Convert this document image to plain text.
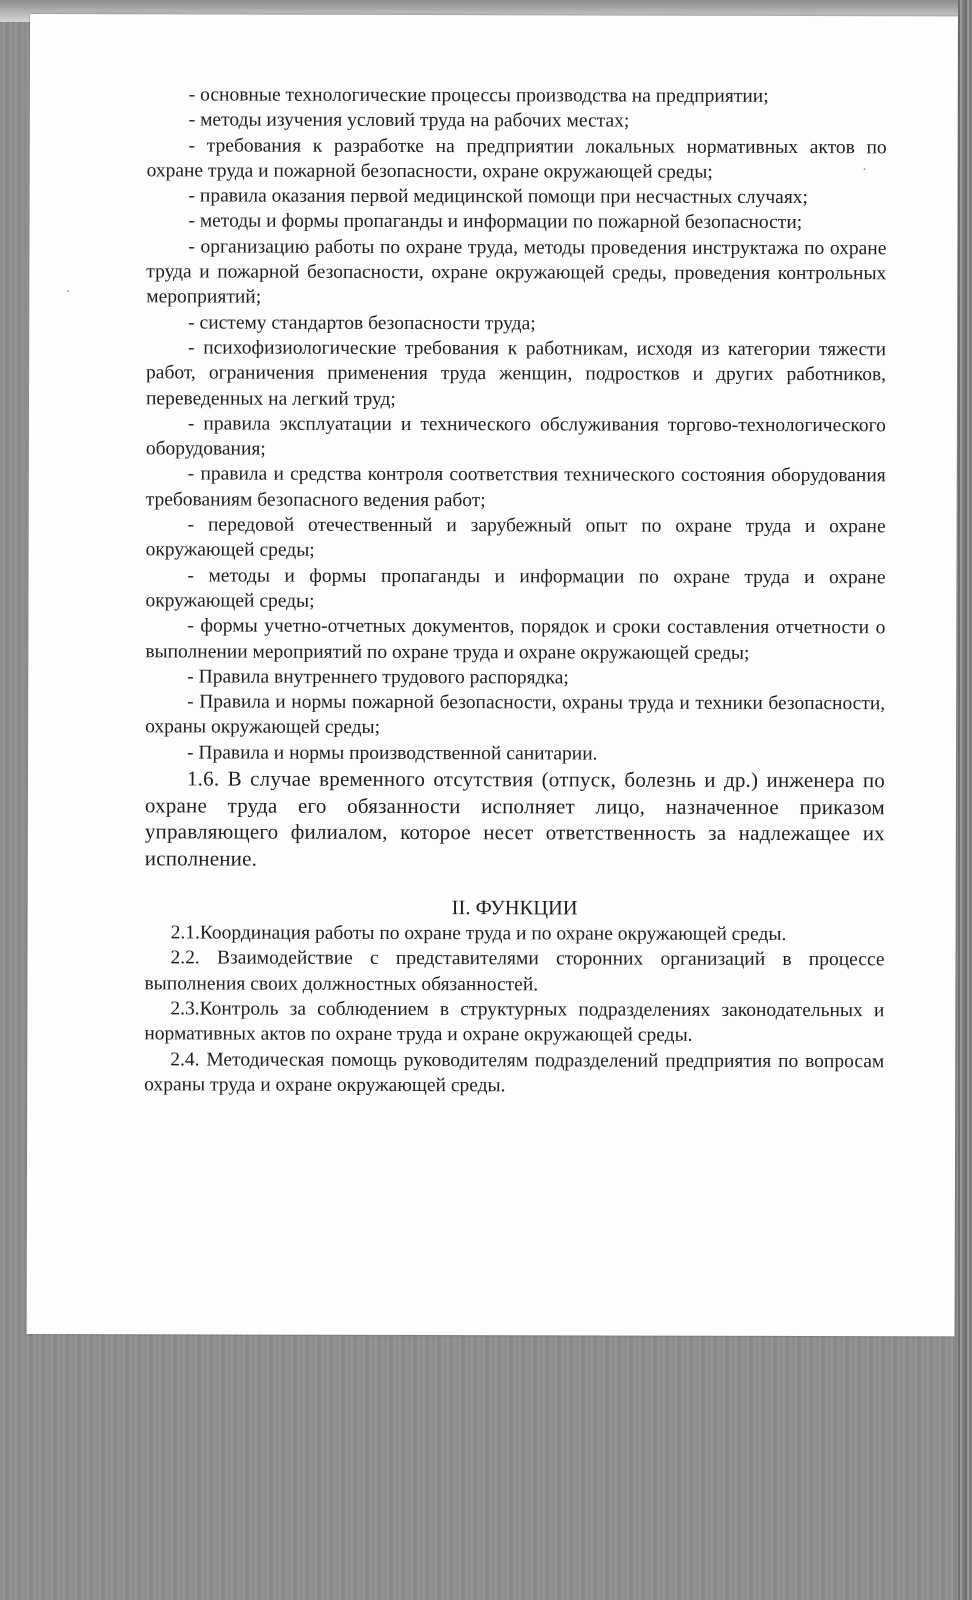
- основные технологические процессы производства на предприятии;

- методы изучения условий труда на рабочих местах;

- требования к разработке на предприятии локальных нормативных актов по охране труда и пожарной безопасности, охране окружающей среды;

- правила оказания первой медицинской помощи при несчастных случаях;

- методы и формы пропаганды и информации по пожарной безопасности;

- организацию работы по охране труда, методы проведения инструктажа по охране труда и пожарной безопасности, охране окружающей среды, проведения контрольных мероприятий;

- систему стандартов безопасности труда;

- психофизиологические требования к работникам, исходя из категории тяжести работ, ограничения применения труда женщин, подростков и других работников, переведенных на легкий труд;

- правила эксплуатации и технического обслуживания торгово-технологического оборудования;

- правила и средства контроля соответствия технического состояния оборудования требованиям безопасного ведения работ;

- передовой отечественный и зарубежный опыт по охране труда и охране окружающей среды;

- методы и формы пропаганды и информации по охране труда и охране окружающей среды;

- формы учетно-отчетных документов, порядок и сроки составления отчетности о выполнении мероприятий по охране труда и охране окружающей среды;

- Правила внутреннего трудового распорядка;

- Правила и нормы пожарной безопасности, охраны труда и техники безопасности, охраны окружающей среды;

- Правила и нормы производственной санитарии.

1.6. В случае временного отсутствия (отпуск, болезнь и др.) инженера по охране труда его обязанности исполняет лицо, назначенное приказом управляющего филиалом, которое несет ответственность за надлежащее их исполнение.

II. ФУНКЦИИ

2.1.Координация работы по охране труда и по охране окружающей среды.

2.2. Взаимодействие с представителями сторонних организаций в процессе выполнения своих должностных обязанностей.

2.3.Контроль за соблюдением в структурных подразделениях законодательных и нормативных актов по охране труда и охране окружающей среды.

2.4. Методическая помощь руководителям подразделений предприятия по вопросам охраны труда и охране окружающей среды.
